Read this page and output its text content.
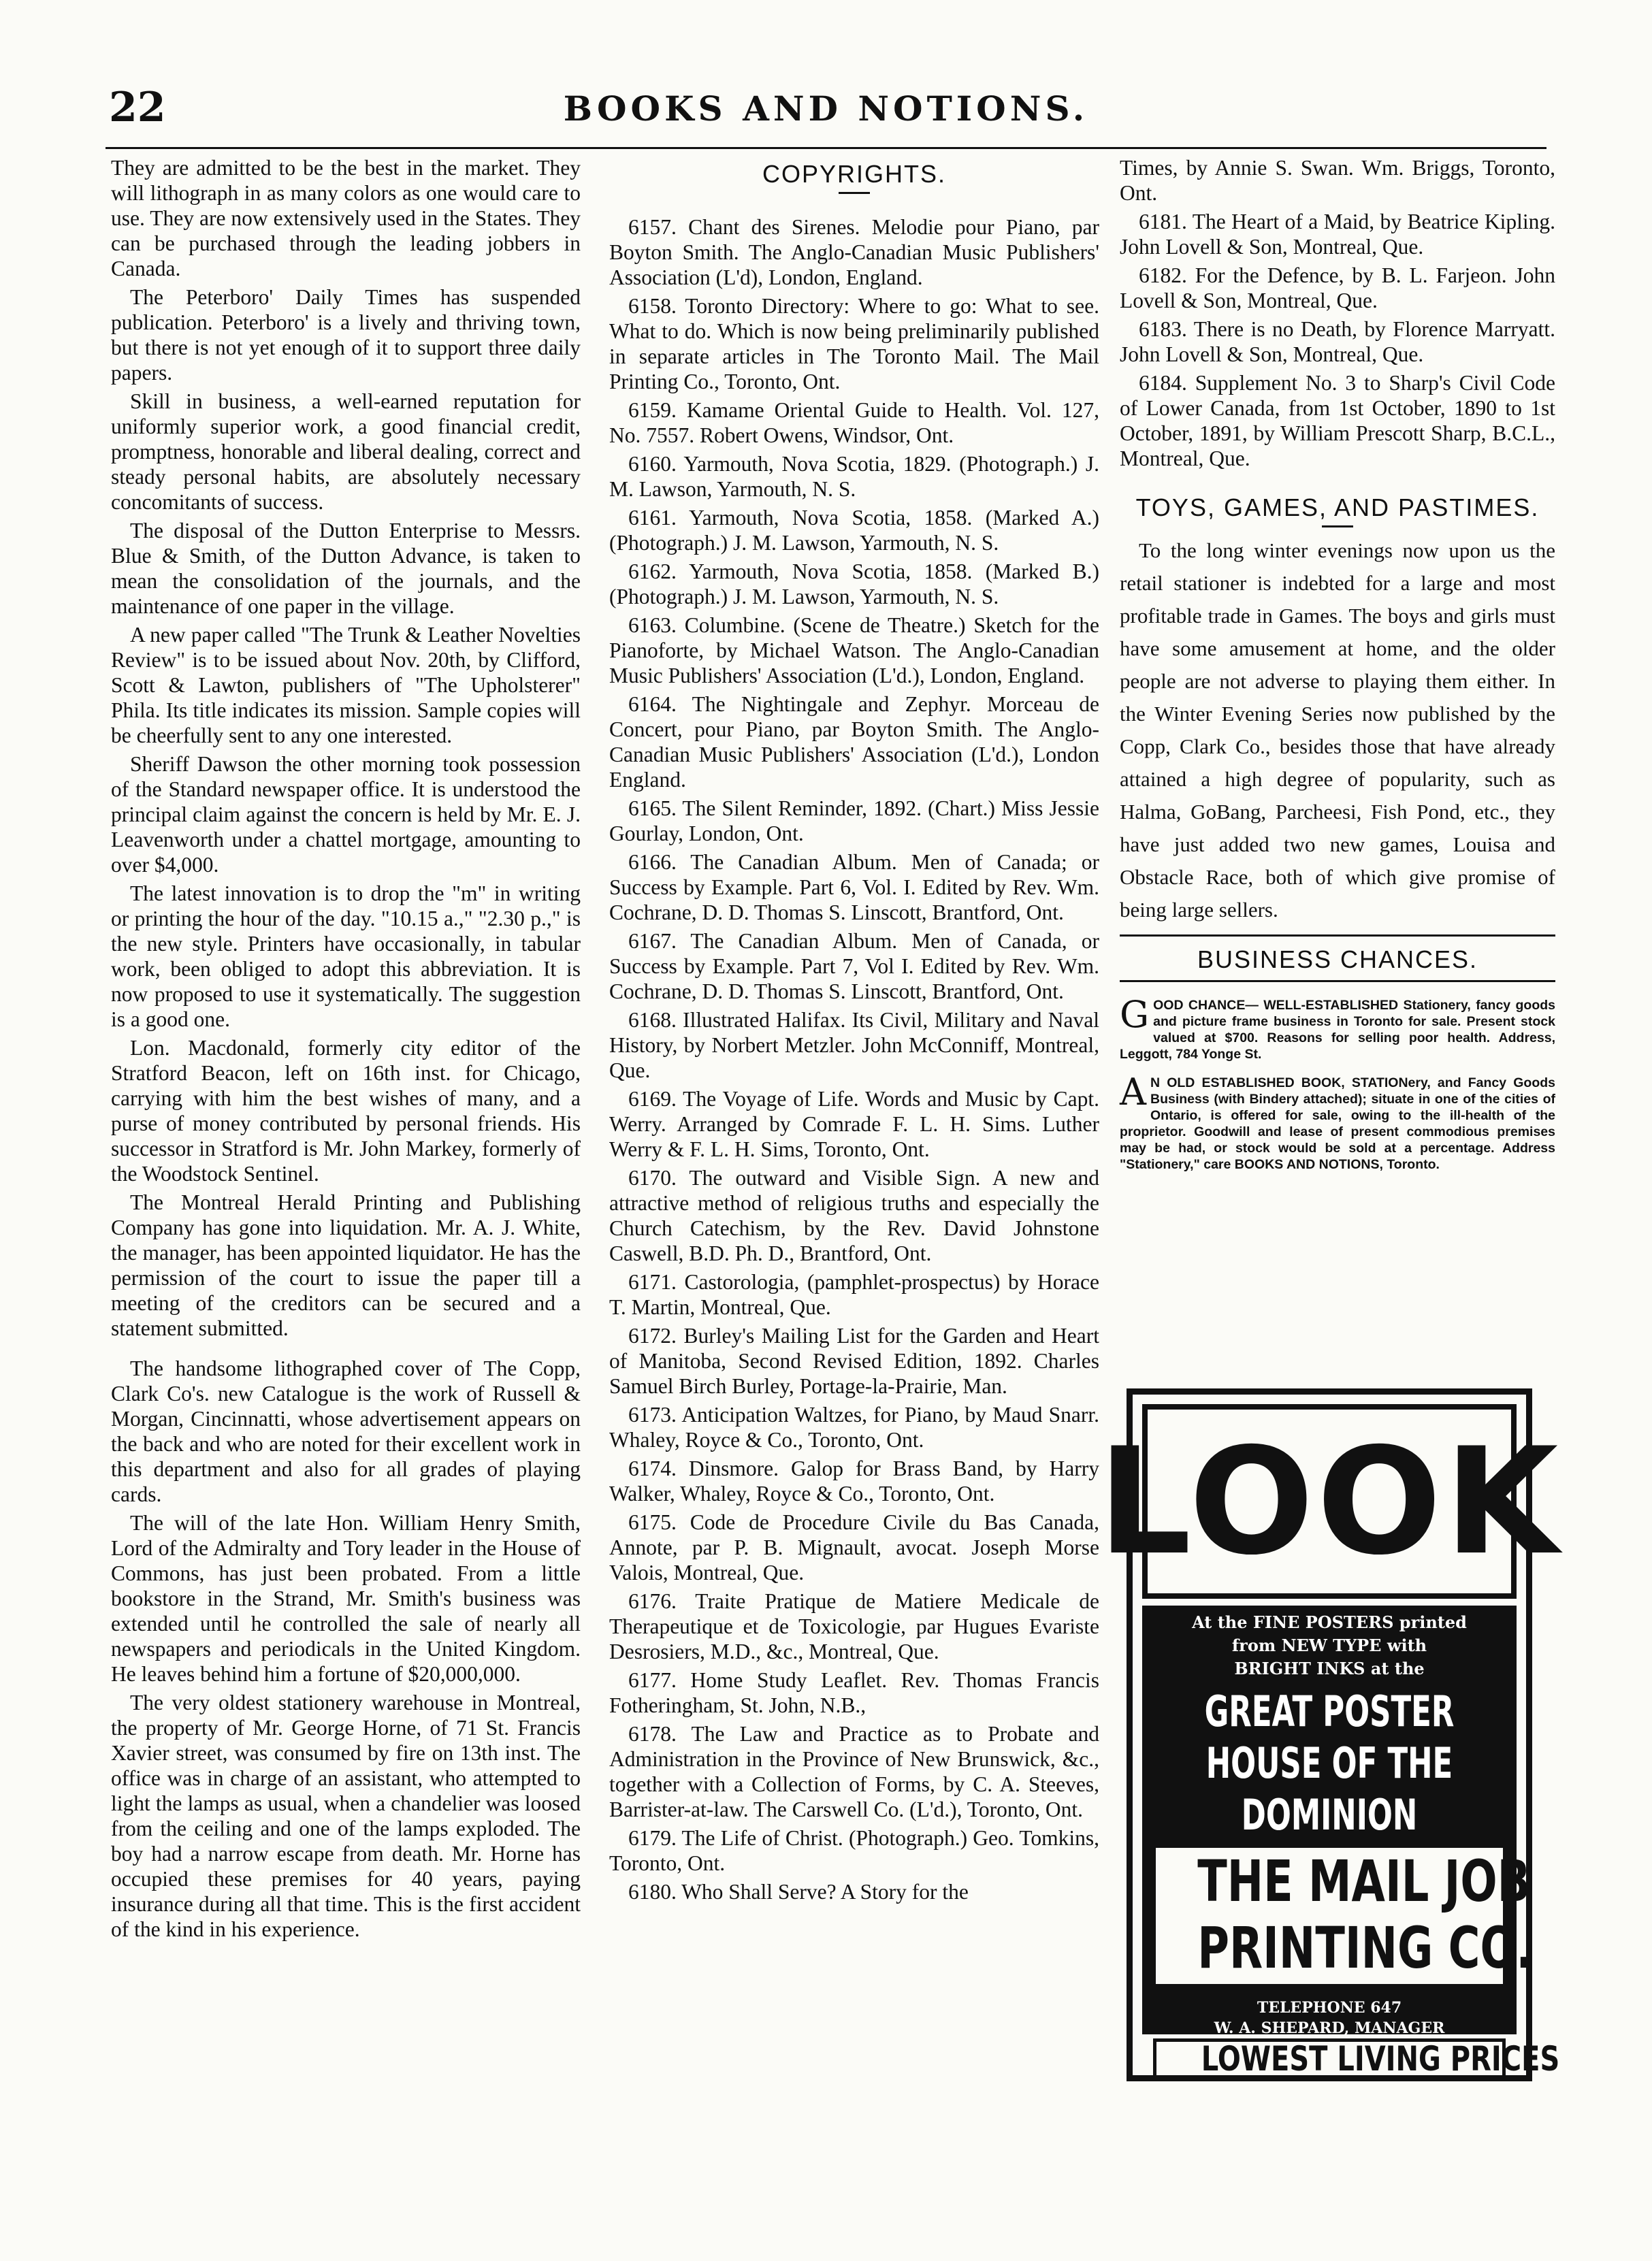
22	BOOKS AND NOTIONS.

They are admitted to be the best in the market. They will lithograph in as many colors as one would care to use. They are now extensively used in the States. They can be purchased through the leading jobbers in Canada.

The Peterboro' Daily Times has suspended publication. Peterboro' is a lively and thriving town, but there is not yet enough of it to support three daily papers.

Skill in business, a well-earned reputation for uniformly superior work, a good financial credit, promptness, honorable and liberal dealing, correct and steady personal habits, are absolutely necessary concomitants of success.

The disposal of the Dutton Enterprise to Messrs. Blue & Smith, of the Dutton Advance, is taken to mean the consolidation of the journals, and the maintenance of one paper in the village.

A new paper called "The Trunk & Leather Novelties Review" is to be issued about Nov. 20th, by Clifford, Scott & Lawton, publishers of "The Upholsterer" Phila. Its title indicates its mission. Sample copies will be cheerfully sent to any one interested.

Sheriff Dawson the other morning took possession of the Standard newspaper office. It is understood the principal claim against the concern is held by Mr. E. J. Leavenworth under a chattel mortgage, amounting to over $4,000.

The latest innovation is to drop the "m" in writing or printing the hour of the day. "10.15 a.," "2.30 p.," is the new style. Printers have occasionally, in tabular work, been obliged to adopt this abbreviation. It is now proposed to use it systematically. The suggestion is a good one.

Lon. Macdonald, formerly city editor of the Stratford Beacon, left on 16th inst. for Chicago, carrying with him the best wishes of many, and a purse of money contributed by personal friends. His successor in Stratford is Mr. John Markey, formerly of the Woodstock Sentinel.

The Montreal Herald Printing and Publishing Company has gone into liquidation. Mr. A. J. White, the manager, has been appointed liquidator. He has the permission of the court to issue the paper till a meeting of the creditors can be secured and a statement submitted.

The handsome lithographed cover of The Copp, Clark Co's. new Catalogue is the work of Russell & Morgan, Cincinnatti, whose advertisement appears on the back and who are noted for their excellent work in this department and also for all grades of playing cards.

The will of the late Hon. William Henry Smith, Lord of the Admiralty and Tory leader in the House of Commons, has just been probated. From a little bookstore in the Strand, Mr. Smith's business was extended until he controlled the sale of nearly all newspapers and periodicals in the United Kingdom. He leaves behind him a fortune of $20,000,000.

The very oldest stationery warehouse in Montreal, the property of Mr. George Horne, of 71 St. Francis Xavier street, was consumed by fire on 13th inst. The office was in charge of an assistant, who attempted to light the lamps as usual, when a chandelier was loosed from the ceiling and one of the lamps exploded. The boy had a narrow escape from death. Mr. Horne has occupied these premises for 40 years, paying insurance during all that time. This is the first accident of the kind in his experience.

COPYRIGHTS.
6157. Chant des Sirenes. Melodie pour Piano, par Boyton Smith. The Anglo-Canadian Music Publishers' Association (L'd), London, England.
6158. Toronto Directory: Where to go: What to see. What to do. Which is now being preliminarily published in separate articles in The Toronto Mail. The Mail Printing Co., Toronto, Ont.
6159. Kamame Oriental Guide to Health. Vol. 127, No. 7557. Robert Owens, Windsor, Ont.
6160. Yarmouth, Nova Scotia, 1829. (Photograph.) J. M. Lawson, Yarmouth, N. S.
6161. Yarmouth, Nova Scotia, 1858. (Marked A.) (Photograph.) J. M. Lawson, Yarmouth, N. S.
6162. Yarmouth, Nova Scotia, 1858. (Marked B.) (Photograph.) J. M. Lawson, Yarmouth, N. S.
6163. Columbine. (Scene de Theatre.) Sketch for the Pianoforte, by Michael Watson. The Anglo-Canadian Music Publishers' Association (L'd.), London, England.
6164. The Nightingale and Zephyr. Morceau de Concert, pour Piano, par Boyton Smith. The Anglo-Canadian Music Publishers' Association (L'd.), London England.
6165. The Silent Reminder, 1892. (Chart.) Miss Jessie Gourlay, London, Ont.
6166. The Canadian Album. Men of Canada; or Success by Example. Part 6, Vol. I. Edited by Rev. Wm. Cochrane, D. D. Thomas S. Linscott, Brantford, Ont.
6167. The Canadian Album. Men of Canada, or Success by Example. Part 7, Vol I. Edited by Rev. Wm. Cochrane, D. D. Thomas S. Linscott, Brantford, Ont.
6168. Illustrated Halifax. Its Civil, Military and Naval History, by Norbert Metzler. John McConniff, Montreal, Que.
6169. The Voyage of Life. Words and Music by Capt. Werry. Arranged by Comrade F. L. H. Sims. Luther Werry & F. L. H. Sims, Toronto, Ont.
6170. The outward and Visible Sign. A new and attractive method of religious truths and especially the Church Catechism, by the Rev. David Johnstone Caswell, B.D. Ph. D., Brantford, Ont.
6171. Castorologia, (pamphlet-prospectus) by Horace T. Martin, Montreal, Que.
6172. Burley's Mailing List for the Garden and Heart of Manitoba, Second Revised Edition, 1892. Charles Samuel Birch Burley, Portage-la-Prairie, Man.
6173. Anticipation Waltzes, for Piano, by Maud Snarr. Whaley, Royce & Co., Toronto, Ont.
6174. Dinsmore. Galop for Brass Band, by Harry Walker, Whaley, Royce & Co., Toronto, Ont.
6175. Code de Procedure Civile du Bas Canada, Annote, par P. B. Mignault, avocat. Joseph Morse Valois, Montreal, Que.
6176. Traite Pratique de Matiere Medicale de Therapeutique et de Toxicologie, par Hugues Evariste Desrosiers, M.D., &c., Montreal, Que.
6177. Home Study Leaflet. Rev. Thomas Francis Fotheringham, St. John, N.B.,
6178. The Law and Practice as to Probate and Administration in the Province of New Brunswick, &c., together with a Collection of Forms, by C. A. Steeves, Barrister-at-law. The Carswell Co. (L'd.), Toronto, Ont.
6179. The Life of Christ. (Photograph.) Geo. Tomkins, Toronto, Ont.
6180. Who Shall Serve? A Story for the
Times, by Annie S. Swan. Wm. Briggs, Toronto, Ont.
6181. The Heart of a Maid, by Beatrice Kipling. John Lovell & Son, Montreal, Que.
6182. For the Defence, by B. L. Farjeon. John Lovell & Son, Montreal, Que.
6183. There is no Death, by Florence Marryatt. John Lovell & Son, Montreal, Que.
6184. Supplement No. 3 to Sharp's Civil Code of Lower Canada, from 1st October, 1890 to 1st October, 1891, by William Prescott Sharp, B.C.L., Montreal, Que.
TOYS, GAMES, AND PASTIMES.

To the long winter evenings now upon us the retail stationer is indebted for a large and most profitable trade in Games. The boys and girls must have some amusement at home, and the older people are not adverse to playing them either. In the Winter Evening Series now published by the Copp, Clark Co., besides those that have already attained a high degree of popularity, such as Halma, GoBang, Parcheesi, Fish Pond, etc., they have just added two new games, Louisa and Obstacle Race, both of which give promise of being large sellers.

BUSINESS CHANCES.
G OOD CHANCE— WELL-ESTABLISHED Stationery, fancy goods and picture frame business in Toronto for sale. Present stock valued at $700. Reasons for selling poor health. Address, Leggott, 784 Yonge St.
A N OLD ESTABLISHED BOOK, STATIONery, and Fancy Goods Business (with Bindery attached); situate in one of the cities of Ontario, is offered for sale, owing to the ill-health of the proprietor. Goodwill and lease of present commodious premises may be had, or stock would be sold at a percentage. Address "Stationery," care BOOKS AND NOTIONS, Toronto.
LOOK
At the FINE POSTERS printed
from NEW TYPE with
BRIGHT INKS at the
GREAT POSTER
HOUSE OF THE
DOMINION
THE MAIL JOB
PRINTING CO.
TELEPHONE 647
W. A. SHEPARD, MANAGER
LOWEST LIVING PRICES
